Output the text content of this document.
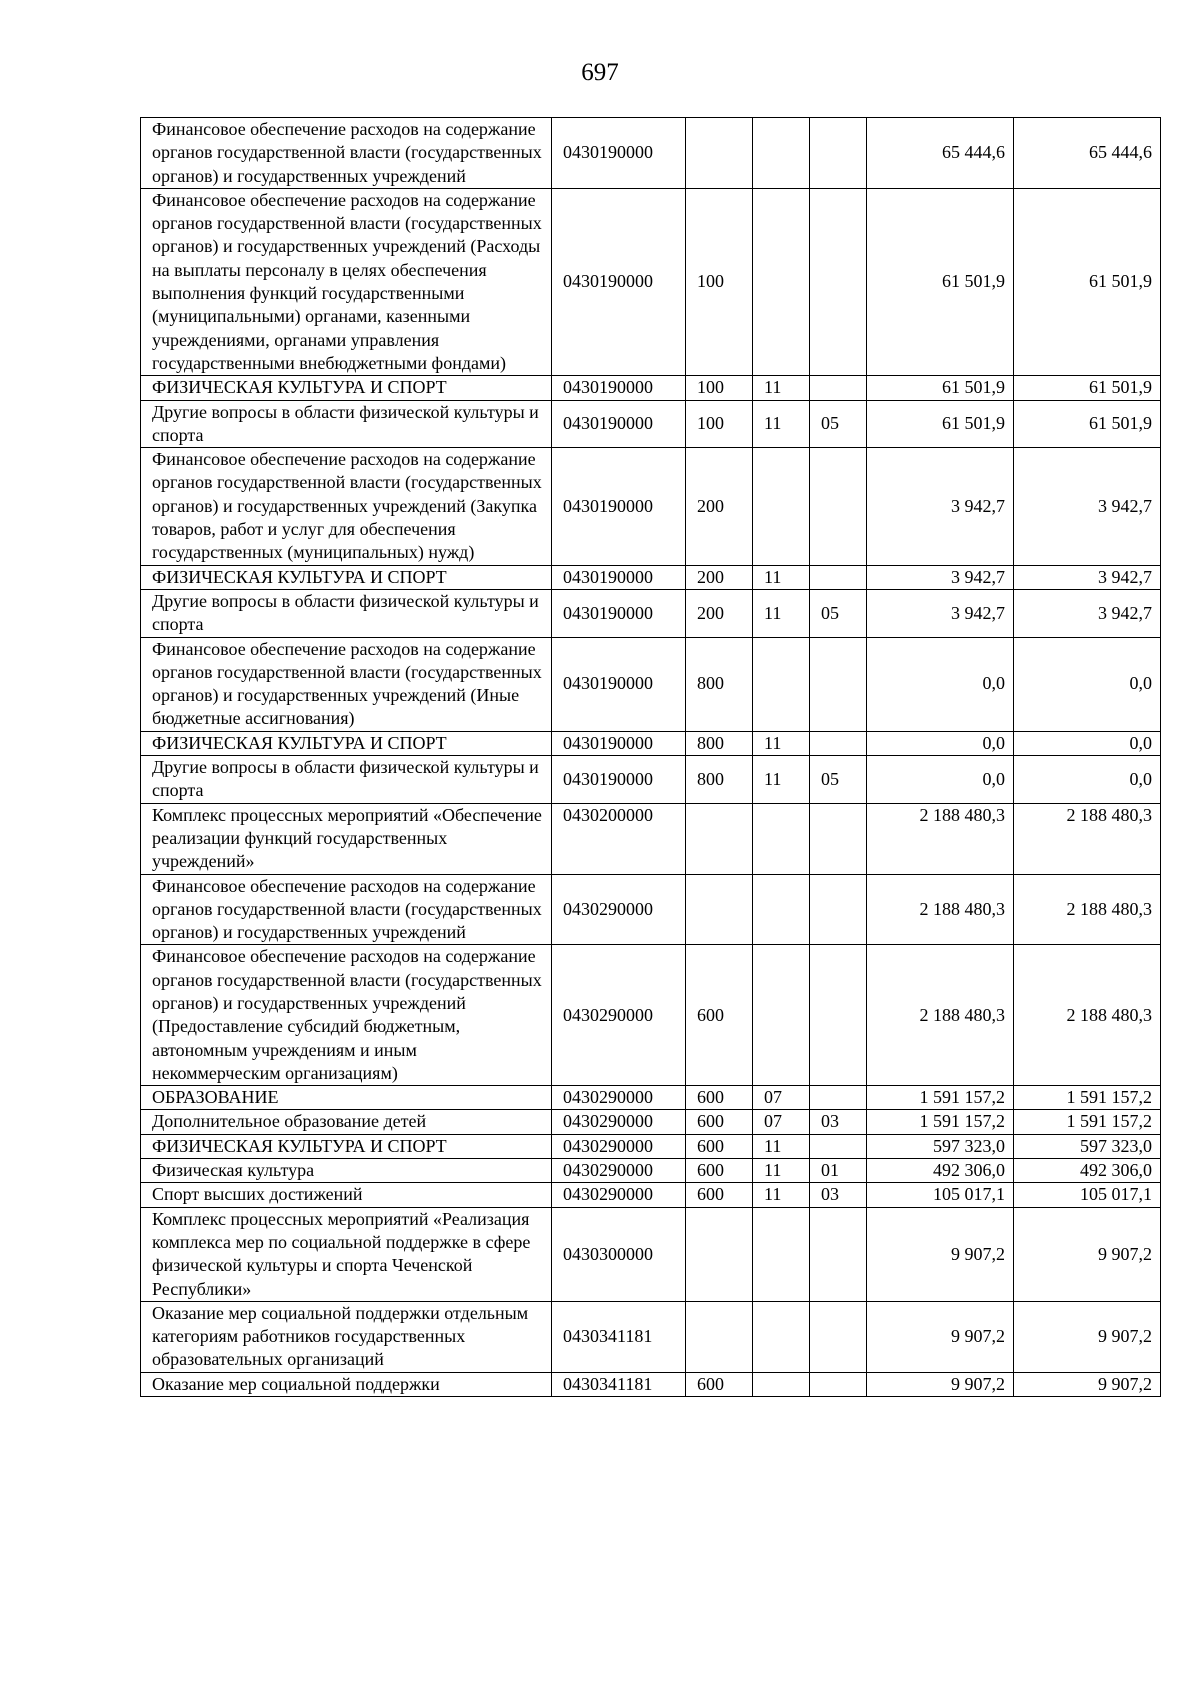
697
Финансовое обеспечение расходов на содержание органов государственной власти (государственных органов) и государственных учреждений	0430190000				65 444,6	65 444,6
Финансовое обеспечение расходов на содержание органов государственной власти (государственных органов) и государственных учреждений (Расходы на выплаты персоналу в целях обеспечения выполнения функций государственными (муниципальными) органами, казенными учреждениями, органами управления государственными внебюджетными фондами)	0430190000	100			61 501,9	61 501,9
ФИЗИЧЕСКАЯ КУЛЬТУРА И СПОРТ	0430190000	100	11		61 501,9	61 501,9
Другие вопросы в области физической культуры и спорта	0430190000	100	11	05	61 501,9	61 501,9
Финансовое обеспечение расходов на содержание органов государственной власти (государственных органов) и государственных учреждений (Закупка товаров, работ и услуг для обеспечения государственных (муниципальных) нужд)	0430190000	200			3 942,7	3 942,7
ФИЗИЧЕСКАЯ КУЛЬТУРА И СПОРТ	0430190000	200	11		3 942,7	3 942,7
Другие вопросы в области физической культуры и спорта	0430190000	200	11	05	3 942,7	3 942,7
Финансовое обеспечение расходов на содержание органов государственной власти (государственных органов) и государственных учреждений (Иные бюджетные ассигнования)	0430190000	800			0,0	0,0
ФИЗИЧЕСКАЯ КУЛЬТУРА И СПОРТ	0430190000	800	11		0,0	0,0
Другие вопросы в области физической культуры и спорта	0430190000	800	11	05	0,0	0,0
Комплекс процессных мероприятий «Обеспечение реализации функций государственных учреждений»	0430200000				2 188 480,3	2 188 480,3
Финансовое обеспечение расходов на содержание органов государственной власти (государственных органов) и государственных учреждений	0430290000				2 188 480,3	2 188 480,3
Финансовое обеспечение расходов на содержание органов государственной власти (государственных органов) и государственных учреждений (Предоставление субсидий бюджетным, автономным учреждениям и иным некоммерческим организациям)	0430290000	600			2 188 480,3	2 188 480,3
ОБРАЗОВАНИЕ	0430290000	600	07		1 591 157,2	1 591 157,2
Дополнительное образование детей	0430290000	600	07	03	1 591 157,2	1 591 157,2
ФИЗИЧЕСКАЯ КУЛЬТУРА И СПОРТ	0430290000	600	11		597 323,0	597 323,0
Физическая культура	0430290000	600	11	01	492 306,0	492 306,0
Спорт высших достижений	0430290000	600	11	03	105 017,1	105 017,1
Комплекс процессных мероприятий «Реализация комплекса мер по социальной поддержке в сфере физической культуры и спорта Чеченской Республики»	0430300000				9 907,2	9 907,2
Оказание мер социальной поддержки отдельным категориям работников государственных образовательных организаций	0430341181				9 907,2	9 907,2
Оказание мер социальной поддержки	0430341181	600			9 907,2	9 907,2
